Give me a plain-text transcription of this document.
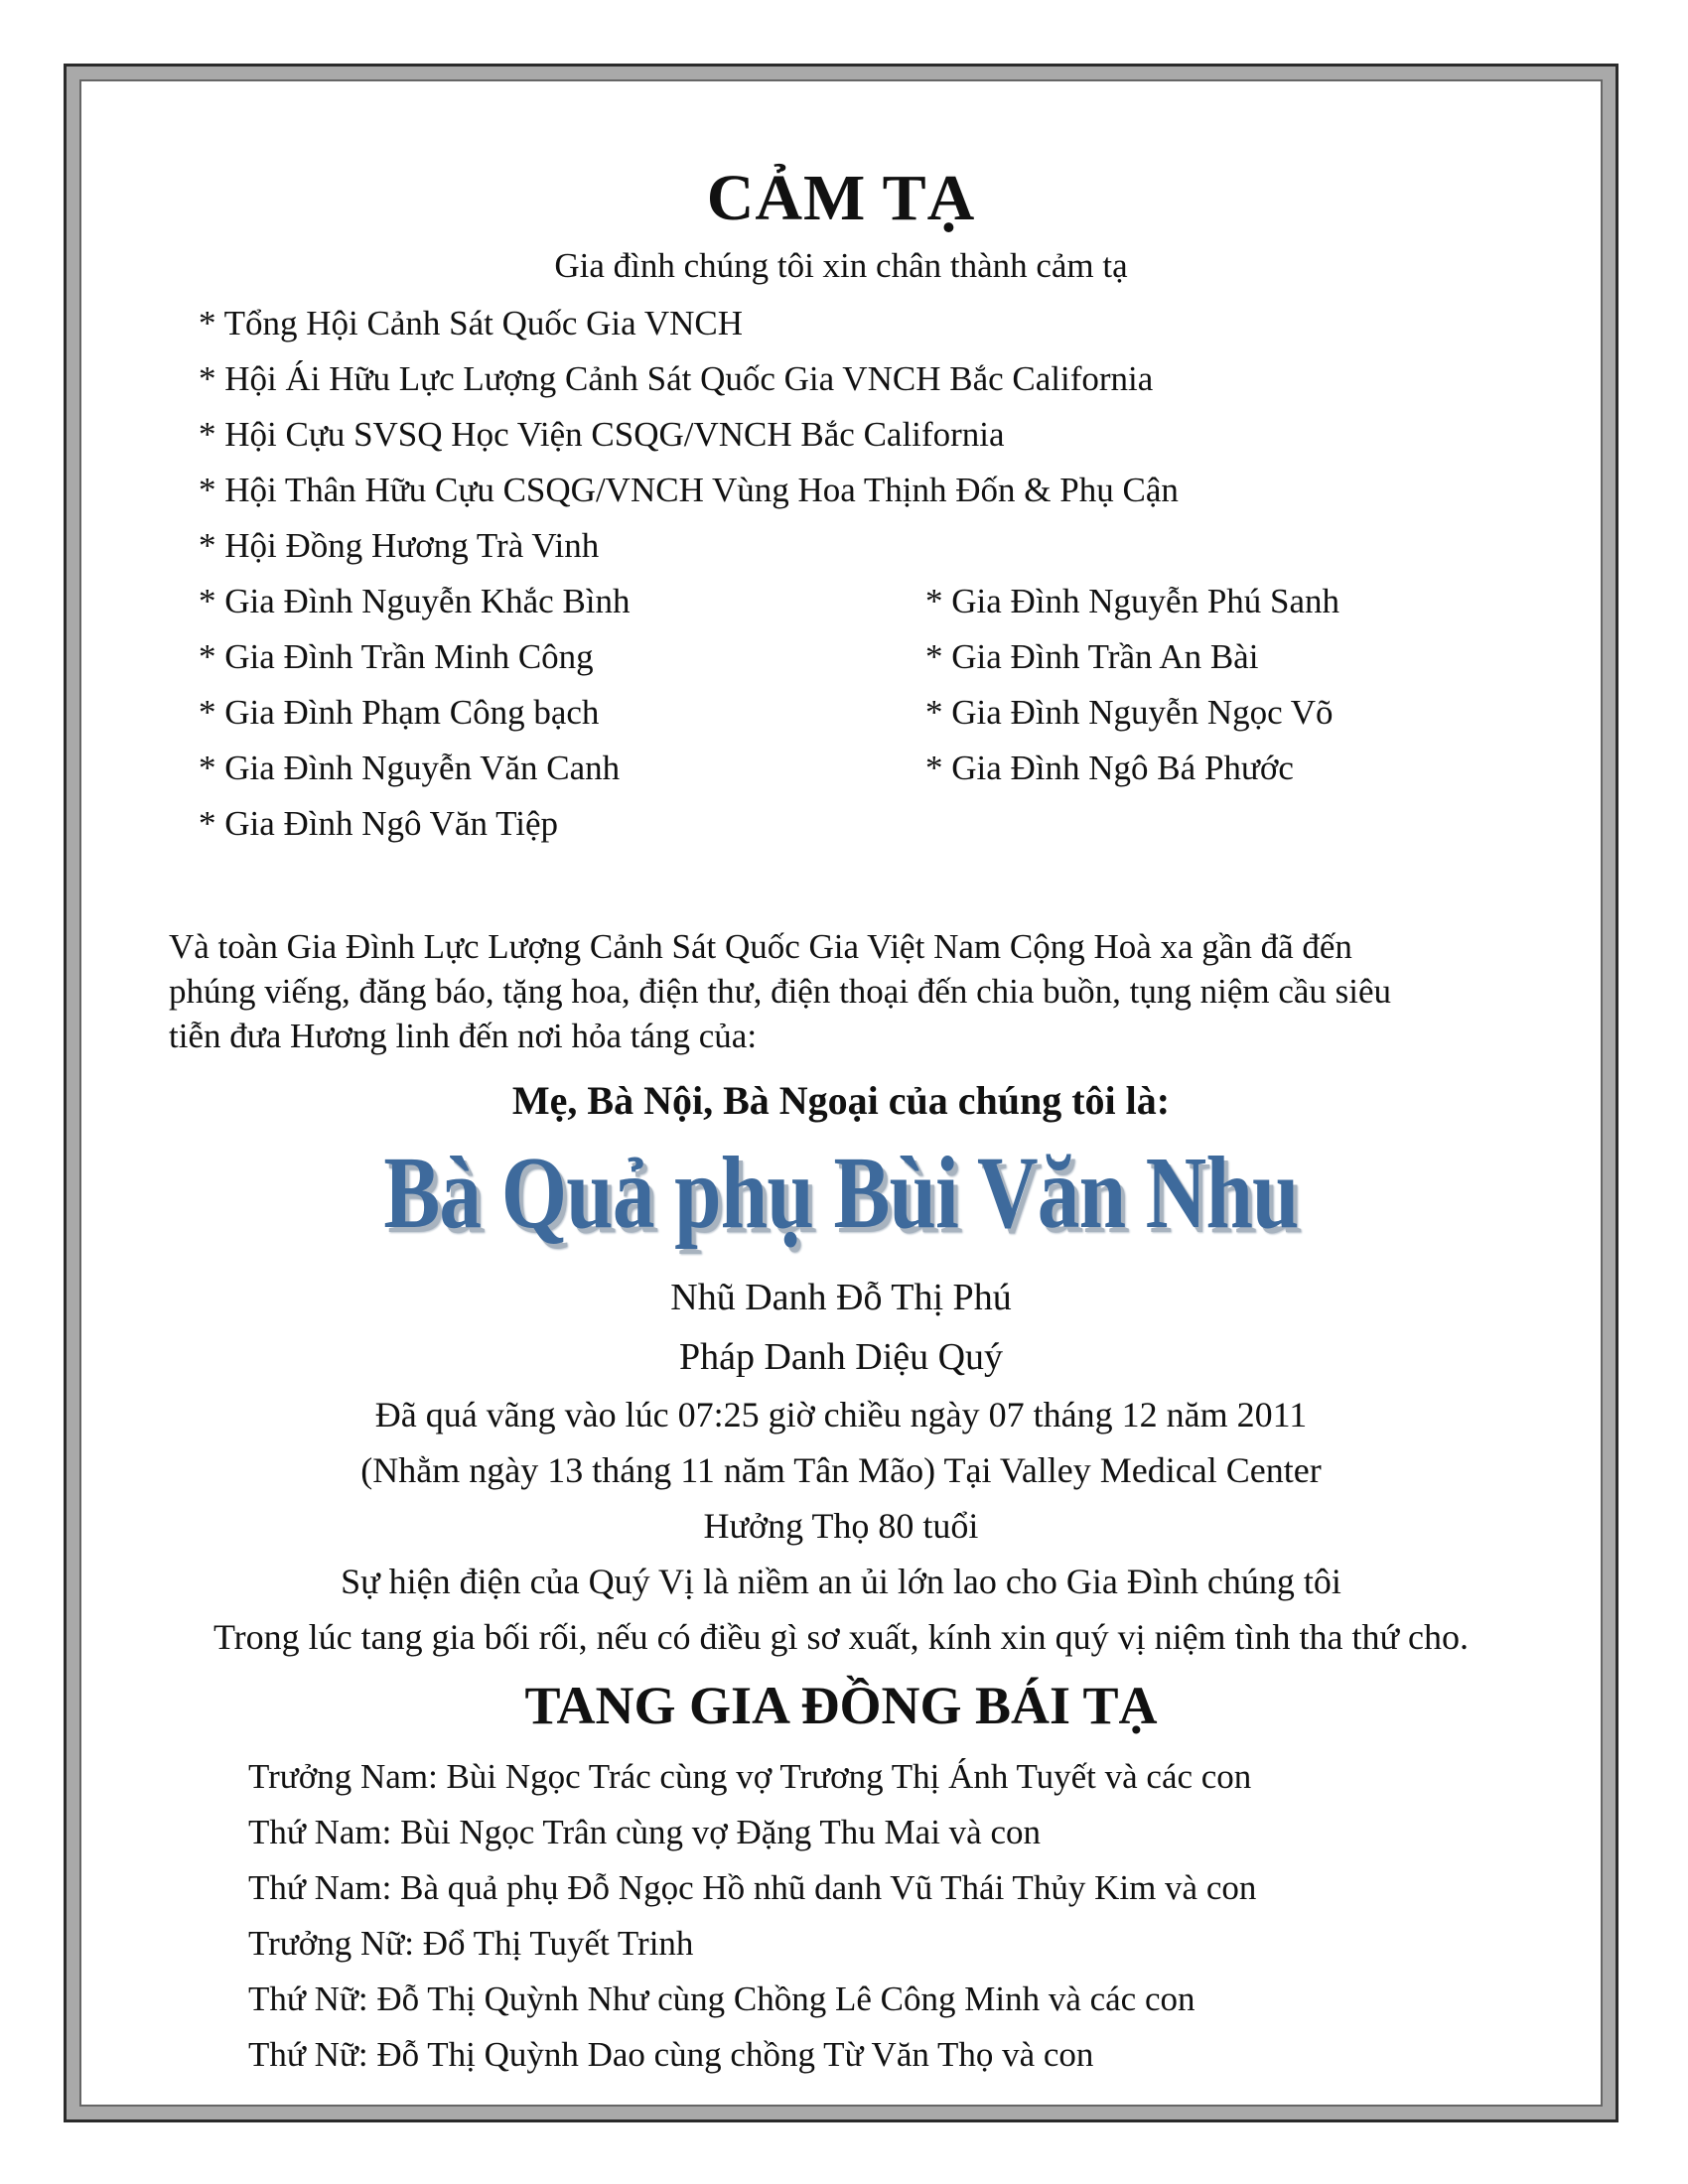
CẢM TẠ
Gia đình chúng tôi xin chân thành cảm tạ
* Tổng Hội Cảnh Sát Quốc Gia VNCH
* Hội Ái Hữu Lực Lượng Cảnh Sát Quốc Gia VNCH Bắc California
* Hội Cựu SVSQ Học Viện CSQG/VNCH Bắc California
* Hội Thân Hữu Cựu CSQG/VNCH Vùng Hoa Thịnh Đốn & Phụ Cận
* Hội Đồng Hương Trà Vinh
* Gia Đình Nguyễn Khắc Bình	* Gia Đình Nguyễn Phú Sanh
* Gia Đình Trần Minh Công	* Gia Đình Trần An Bài
* Gia Đình Phạm Công bạch	* Gia Đình Nguyễn Ngọc Võ
* Gia Đình Nguyễn Văn Canh	* Gia Đình Ngô Bá Phước
* Gia Đình Ngô Văn Tiệp
Và toàn Gia Đình Lực Lượng Cảnh Sát Quốc Gia Việt Nam Cộng Hoà xa gần đã đến
phúng viếng, đăng báo, tặng hoa, điện thư, điện thoại đến chia buồn, tụng niệm cầu siêu
tiễn đưa Hương linh đến nơi hỏa táng của:
Mẹ, Bà Nội, Bà Ngoại của chúng tôi là:
Bà Quả phụ Bùi Văn Nhu
Nhũ Danh Đỗ Thị Phú
Pháp Danh Diệu Quý
Đã quá vãng vào lúc 07:25 giờ chiều ngày 07 tháng 12 năm 2011
(Nhằm ngày 13 tháng 11 năm Tân Mão) Tại Valley Medical Center
Hưởng Thọ 80 tuổi
Sự hiện điện của Quý Vị là niềm an ủi lớn lao cho Gia Đình chúng tôi
Trong lúc tang gia bối rối, nếu có điều gì sơ xuất, kính xin quý vị niệm tình tha thứ cho.
TANG GIA ĐỒNG BÁI TẠ
Trưởng Nam: Bùi Ngọc Trác cùng vợ Trương Thị Ánh Tuyết và các con
Thứ Nam: Bùi Ngọc Trân cùng vợ Đặng Thu Mai và con
Thứ Nam: Bà quả phụ Đỗ Ngọc Hồ nhũ danh Vũ Thái Thủy Kim và con
Trưởng Nữ: Đổ Thị Tuyết Trinh
Thứ Nữ: Đỗ Thị Quỳnh Như cùng Chồng Lê Công Minh và các con
Thứ Nữ: Đỗ Thị Quỳnh Dao cùng chồng Từ Văn Thọ và con
